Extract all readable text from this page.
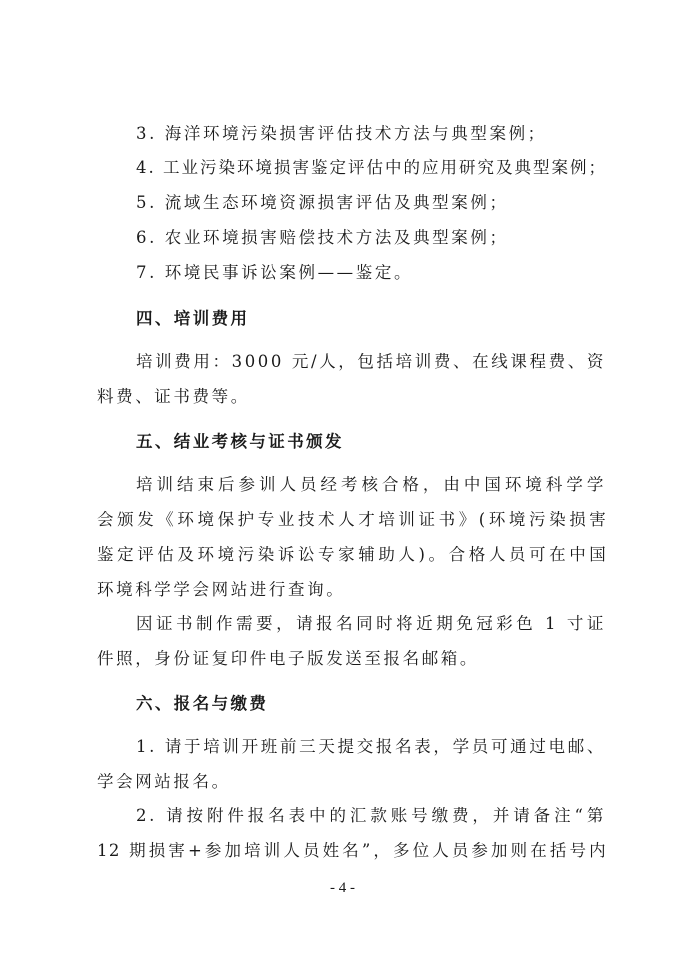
3. 海洋环境污染损害评估技术方法与典型案例；
4. 工业污染环境损害鉴定评估中的应用研究及典型案例；
5. 流域生态环境资源损害评估及典型案例；
6. 农业环境损害赔偿技术方法及典型案例；
7. 环境民事诉讼案例——鉴定。
四、培训费用
培训费用：3000 元/人，包括培训费、在线课程费、资
料费、证书费等。
五、结业考核与证书颁发
培训结束后参训人员经考核合格，由中国环境科学学
会颁发《环境保护专业技术人才培训证书》(环境污染损害
鉴定评估及环境污染诉讼专家辅助人)。合格人员可在中国
环境科学学会网站进行查询。
因证书制作需要，请报名同时将近期免冠彩色 1 寸证
件照，身份证复印件电子版发送至报名邮箱。
六、报名与缴费
1. 请于培训开班前三天提交报名表，学员可通过电邮、
学会网站报名。
2. 请按附件报名表中的汇款账号缴费，并请备注“第
12 期损害+参加培训人员姓名”，多位人员参加则在括号内
- 4 -
